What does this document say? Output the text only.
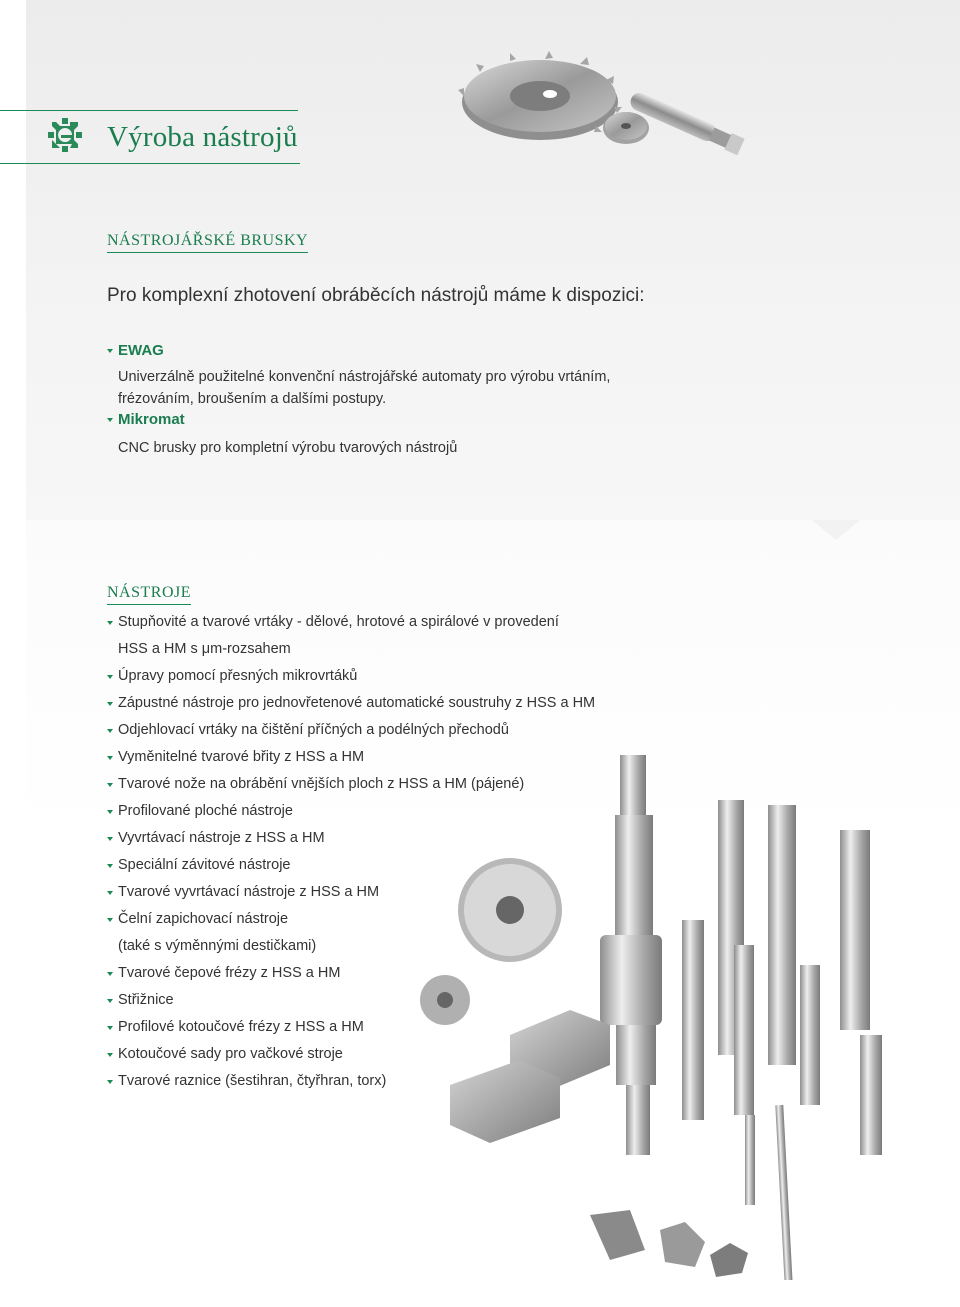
Výroba nástrojů
NÁSTROJÁŘSKÉ BRUSKY
Pro komplexní zhotovení obráběcích nástrojů máme k dispozici:
EWAG
Univerzálně použitelné konvenční nástrojářské automaty pro výrobu vrtáním,
frézováním, broušením a dalšími postupy.
Mikromat
CNC brusky pro kompletní výrobu tvarových nástrojů
NÁSTROJE
Stupňovité a tvarové vrtáky - dělové, hrotové a spirálové v provedení
HSS a HM s μm-rozsahem
Úpravy pomocí přesných mikrovrtáků
Zápustné nástroje pro jednovřetenové automatické soustruhy z HSS a HM
Odjehlovací vrtáky na čištění příčných a podélných přechodů
Vyměnitelné tvarové břity z HSS a HM
Tvarové nože na obrábění vnějších ploch z HSS a HM (pájené)
Profilované ploché nástroje
Vyvrtávací nástroje z HSS a HM
Speciální závitové nástroje
Tvarové vyvrtávací nástroje z HSS a HM
Čelní zapichovací nástroje
(také s výměnnými destičkami)
Tvarové čepové frézy z HSS a HM
Střižnice
Profilové kotoučové frézy z HSS a HM
Kotoučové sady pro vačkové stroje
Tvarové raznice (šestihran, čtyřhran, torx)
